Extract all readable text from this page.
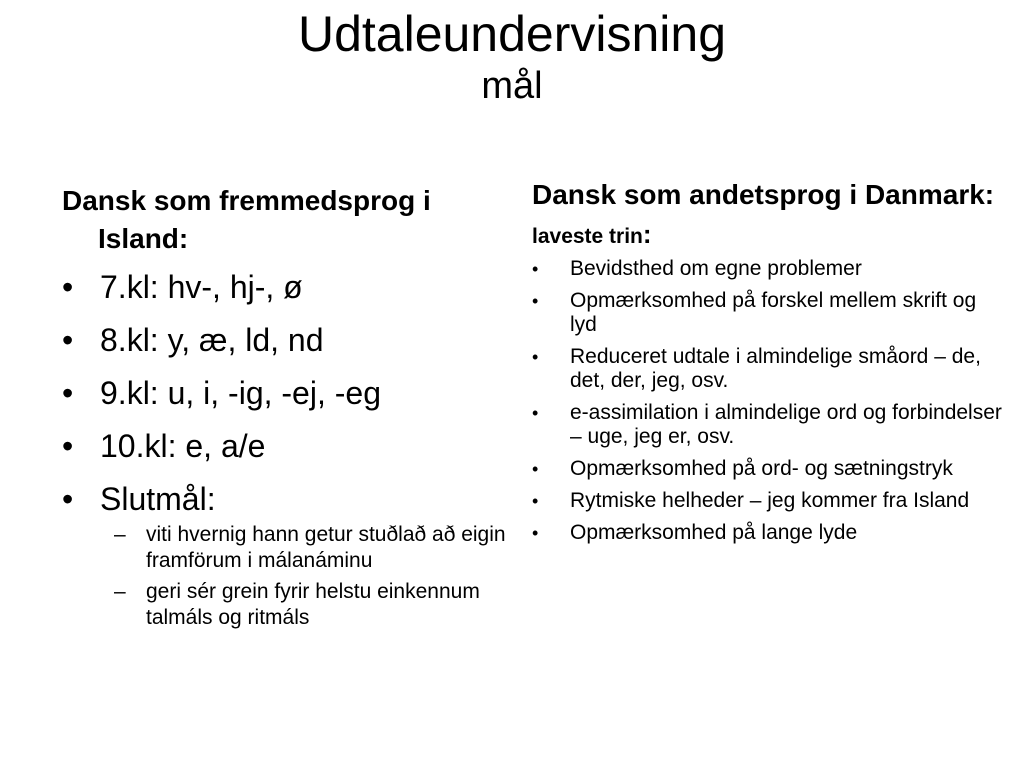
Udtaleundervisning
mål
Dansk som fremmedsprog i Island:
• 7.kl: hv-, hj-, ø
• 8.kl: y, æ, ld, nd
• 9.kl: u, i, -ig, -ej, -eg
• 10.kl: e, a/e
• Slutmål:
– viti hvernig hann getur stuðlað að eigin framförum i málanáminu
– geri sér grein fyrir helstu einkennum talmáls og ritmáls
Dansk som andetsprog i Danmark:
laveste trin:
• Bevidsthed om egne problemer
• Opmærksomhed på forskel mellem skrift og lyd
• Reduceret udtale i almindelige småord – de, det, der, jeg, osv.
• e-assimilation i almindelige ord og forbindelser – uge, jeg er, osv.
• Opmærksomhed på ord- og sætningstryk
• Rytmiske helheder – jeg kommer fra Island
• Opmærksomhed på lange lyde
